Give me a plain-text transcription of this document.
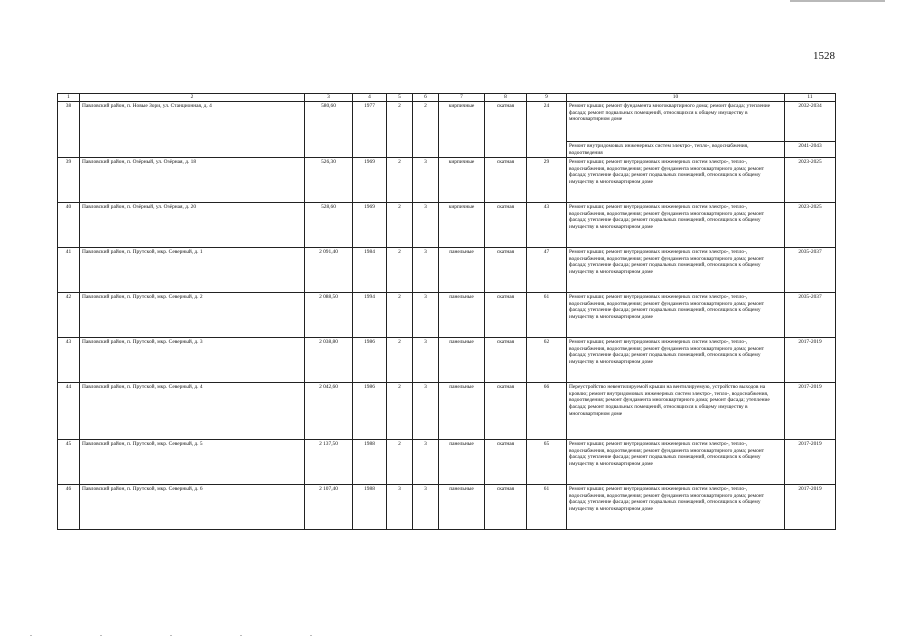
1528
1	2	3	4	5	6	7	8	9	10	11
38	Павловский район, п. Новые Зори, ул. Станционная, д. 4	580,60	1977	2	2	кирпичные	скатная	24	Ремонт крыши; ремонт фундамента многоквартирного дома; ремонт фасада; утепление фасада; ремонт подвальных помещений, относящихся к общему имуществу в многоквартирном доме	2032-2034
									Ремонт внутридомовых инженерных систем электро-, тепло-, водоснабжения, водоотведения	2041-2043
39	Павловский район, п. Озёрный, ул. Озёрная, д. 18	526,30	1969	2	3	кирпичные	скатная	29	Ремонт крыши; ремонт внутридомовых инженерных систем электро-, тепло-, водоснабжения, водоотведения; ремонт фундамента многоквартирного дома; ремонт фасада; утепление фасада; ремонт подвальных помещений, относящихся к общему имуществу в многоквартирном доме	2023-2025
40	Павловский район, п. Озёрный, ул. Озёрная, д. 20	528,60	1969	2	3	кирпичные	скатная	43	Ремонт крыши; ремонт внутридомовых инженерных систем электро-, тепло-, водоснабжения, водоотведения; ремонт фундамента многоквартирного дома; ремонт фасада; утепление фасада; ремонт подвальных помещений, относящихся к общему имуществу в многоквартирном доме	2023-2025
41	Павловский район, п. Прутской, мкр. Северный, д. 1	2 091,40	1984	2	3	панельные	скатная	47	Ремонт крыши; ремонт внутридомовых инженерных систем электро-, тепло-, водоснабжения, водоотведения; ремонт фундамента многоквартирного дома; ремонт фасада; утепление фасада; ремонт подвальных помещений, относящихся к общему имуществу в многоквартирном доме	2035-2037
42	Павловский район, п. Прутской, мкр. Северный, д. 2	2 088,50	1994	2	3	панельные	скатная	61	Ремонт крыши; ремонт внутридомовых инженерных систем электро-, тепло-, водоснабжения, водоотведения; ремонт фундамента многоквартирного дома; ремонт фасада; утепление фасада; ремонт подвальных помещений, относящихся к общему имуществу в многоквартирном доме	2035-2037
43	Павловский район, п. Прутской, мкр. Северный, д. 3	2 038,80	1986	2	3	панельные	скатная	62	Ремонт крыши; ремонт внутридомовых инженерных систем электро-, тепло-, водоснабжения, водоотведения; ремонт фундамента многоквартирного дома; ремонт фасада; утепление фасада; ремонт подвальных помещений, относящихся к общему имуществу в многоквартирном доме	2017-2019
44	Павловский район, п. Прутской, мкр. Северный, д. 4	2 042,60	1986	2	3	панельные	скатная	66	Переустройство невентилируемой крыши на вентилируемую, устройство выходов на кровлю; ремонт внутридомовых инженерных систем электро-, тепло-, водоснабжения, водоотведения; ремонт фундамента многоквартирного дома; ремонт фасада; утепление фасада; ремонт подвальных помещений, относящихся к общему имуществу в многоквартирном доме	2017-2019
45	Павловский район, п. Прутской, мкр. Северный, д. 5	2 137,50	1988	2	3	панельные	скатная	65	Ремонт крыши; ремонт внутридомовых инженерных систем электро-, тепло-, водоснабжения, водоотведения; ремонт фундамента многоквартирного дома; ремонт фасада; утепление фасада; ремонт подвальных помещений, относящихся к общему имуществу в многоквартирном доме	2017-2019
46	Павловский район, п. Прутской, мкр. Северный, д. 6	2 107,40	1988	3	3	панельные	скатная	61	Ремонт крыши; ремонт внутридомовых инженерных систем электро-, тепло-, водоснабжения, водоотведения; ремонт фундамента многоквартирного дома; ремонт фасада; утепление фасада; ремонт подвальных помещений, относящихся к общему имуществу в многоквартирном доме	2017-2019
